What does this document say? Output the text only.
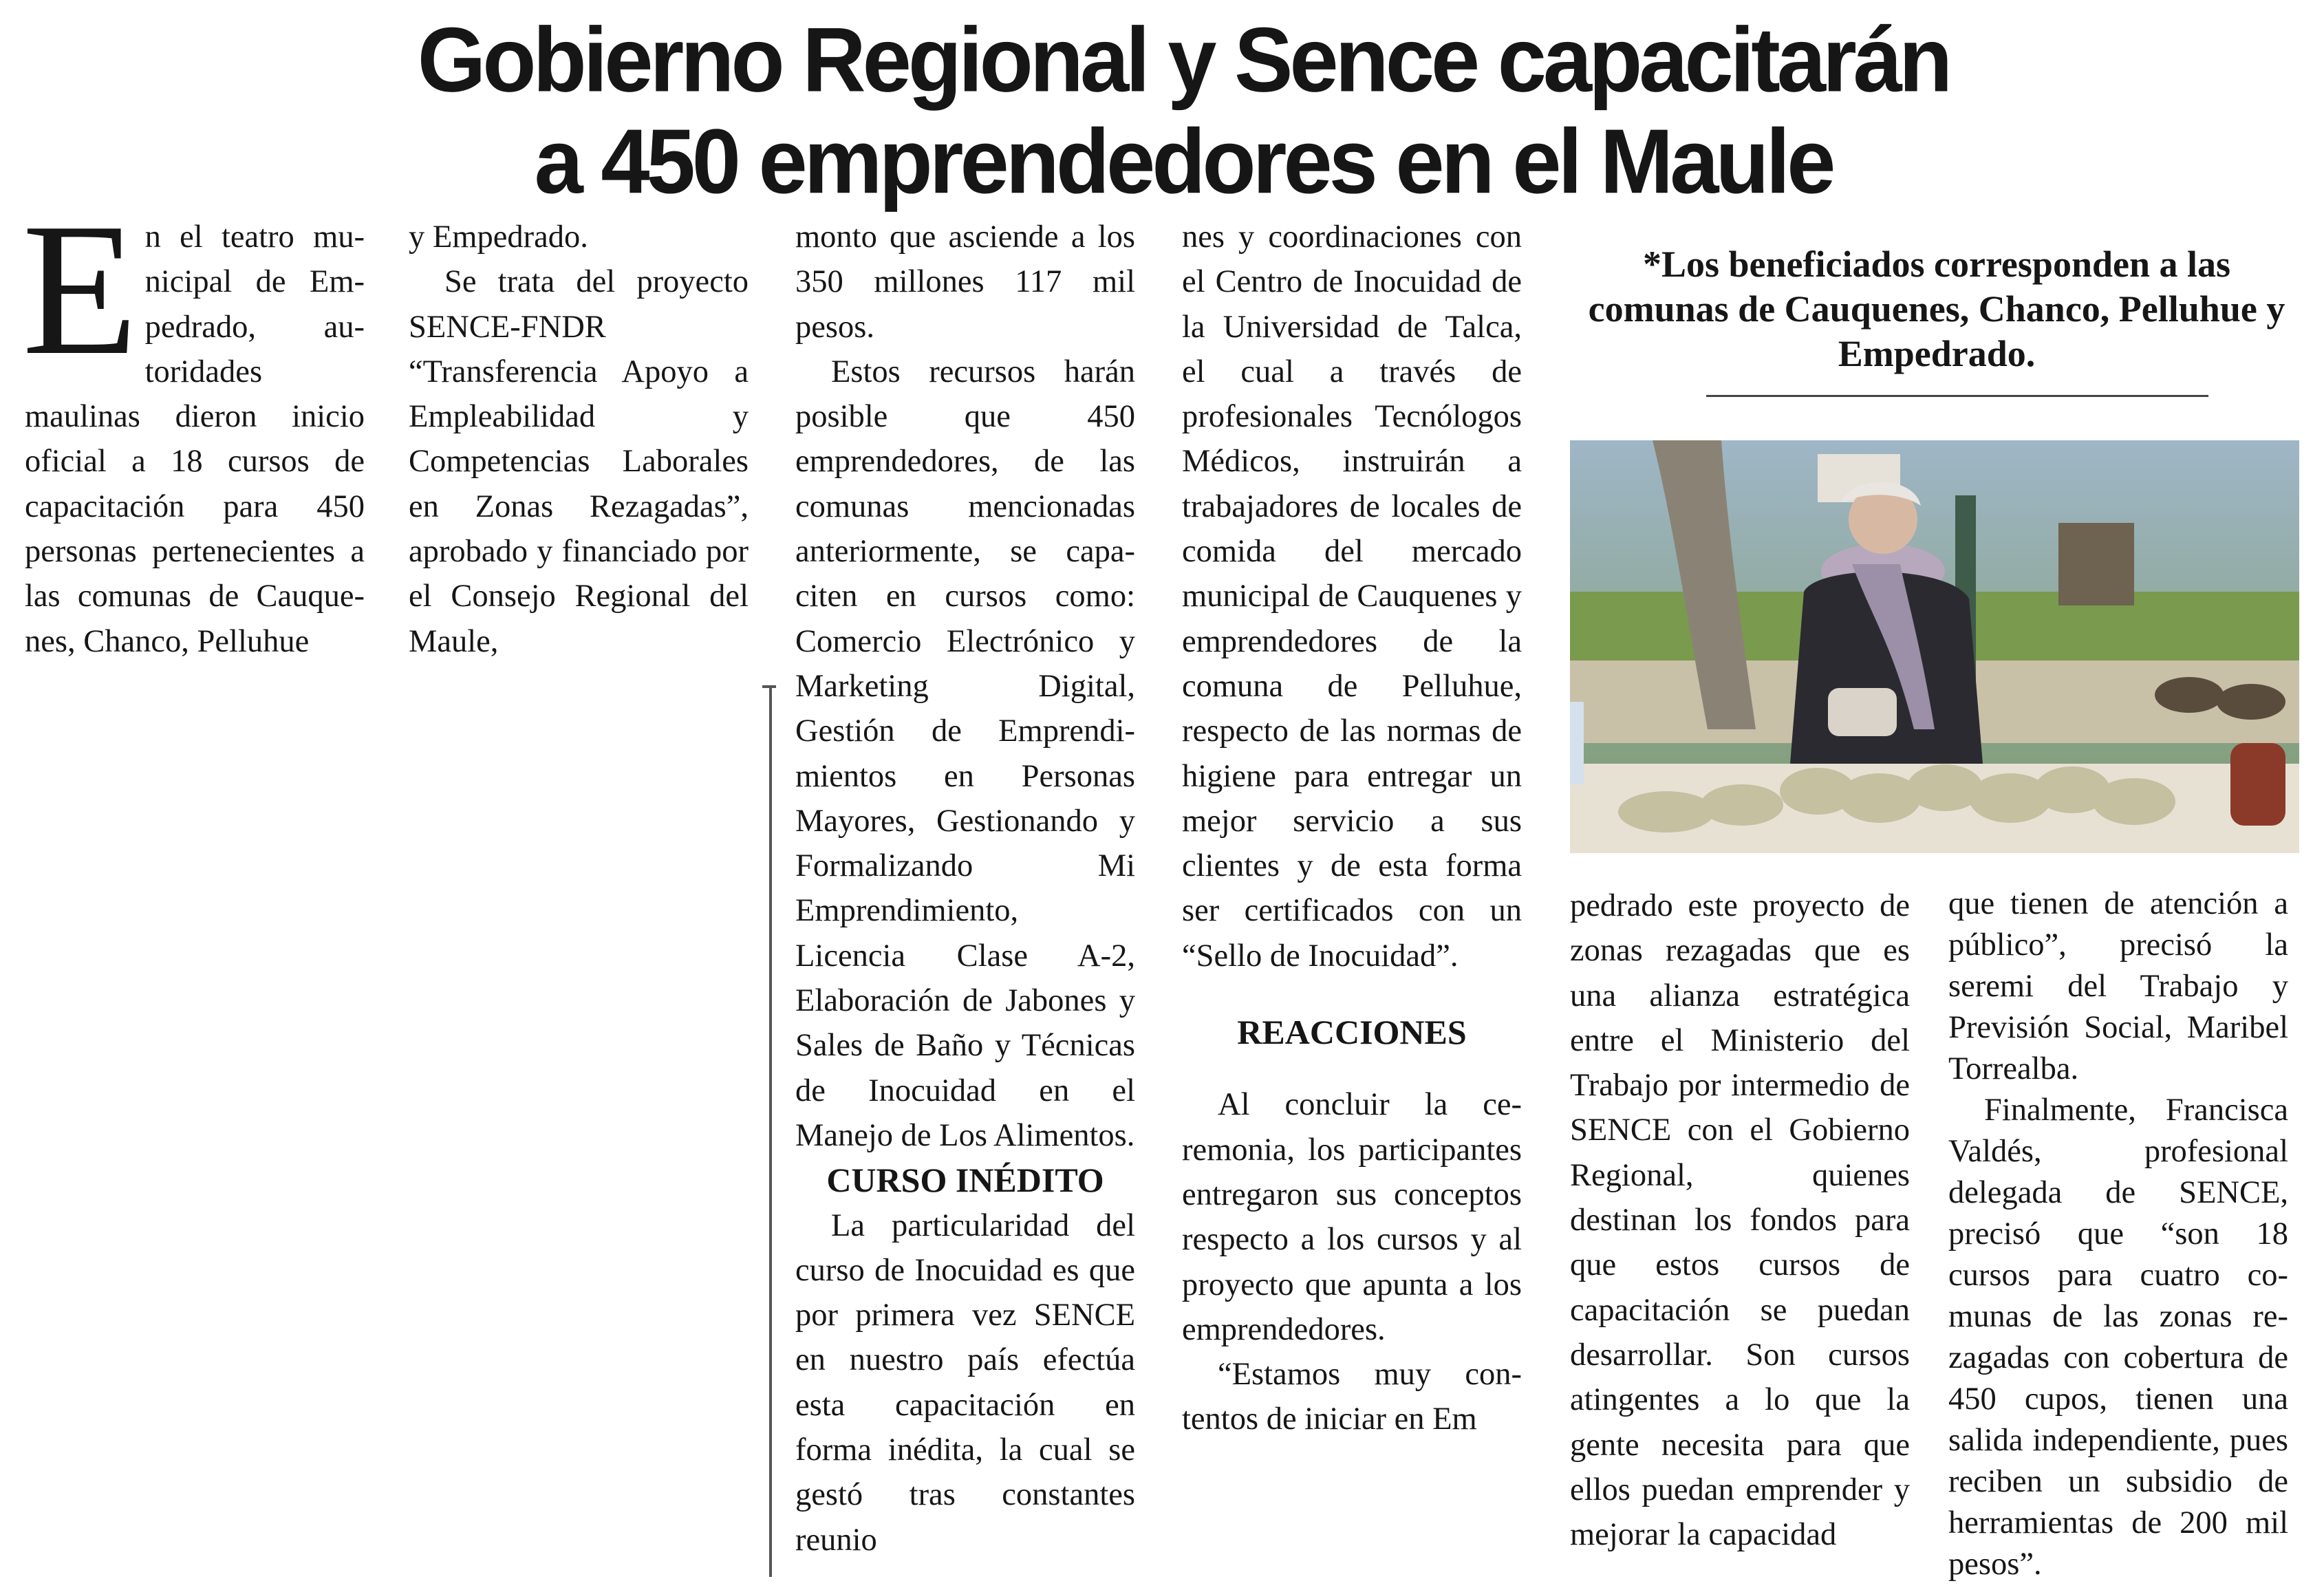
Gobierno Regional y Sence capacitarán
a 450 emprendedores en el Maule
E n el teatro municipal de Empedrado, autoridades maulinas dieron inicio oficial a 18 cursos de capacitación para 450 personas pertenecientes a las comunas de Cauquenes, Chanco, Pelluhue

y Empedrado.

Se trata del proyecto SENCE-FNDR “Transferencia Apoyo a Empleabilidad y Competencias Laborales en Zonas Rezagadas”, aprobado y financiado por el Consejo Regional del Maule,

monto que asciende a los 350 millones 117 mil pesos.

Estos recursos harán posible que 450 emprendedores, de las comunas mencionadas anteriormente, se capaciten en cursos como: Comercio Electrónico y Marketing Digital, Gestión de Emprendimientos en Personas Mayores, Gestionando y Formalizando Mi Emprendimiento, Licencia Clase A-2, Elaboración de Jabones y Sales de Baño y Técnicas de Inocuidad en el Manejo de Los Alimentos.

CURSO INÉDITO

La particularidad del curso de Inocuidad es que por primera vez SENCE en nuestro país efectúa esta capacitación en forma inédita, la cual se gestó tras constantes reunio

nes y coordinaciones con el Centro de Inocuidad de la Universidad de Talca, el cual a través de profesionales Tecnólogos Médicos, instruirán a trabajadores de locales de comida del mercado municipal de Cauquenes y emprendedores de la comuna de Pelluhue, respecto de las normas de higiene para entregar un mejor servicio a sus clientes y de esta forma ser certificados con un “Sello de Inocuidad”.

REACCIONES

Al concluir la ceremonia, los participantes entregaron sus conceptos respecto a los cursos y al proyecto que apunta a los emprendedores.

“Estamos muy contentos de iniciar en Em

*Los beneficiados corresponden a las comunas de Cauquenes, Chanco, Pelluhue y Empedrado.

pedrado este proyecto de zonas rezagadas que es una alianza estratégica entre el Ministerio del Trabajo por intermedio de SENCE con el Gobierno Regional, quienes destinan los fondos para que estos cursos de capacitación se puedan desarrollar. Son cursos atingentes a lo que la gente necesita para que ellos puedan emprender y mejorar la capacidad

que tienen de atención a público”, precisó la seremi del Trabajo y Previsión Social, Maribel Torrealba.

Finalmente, Francisca Valdés, profesional delegada de SENCE, precisó que “son 18 cursos para cuatro comunas de las zonas rezagadas con cobertura de 450 cupos, tienen una salida independiente, pues reciben un subsidio de herramientas de 200 mil pesos”.
